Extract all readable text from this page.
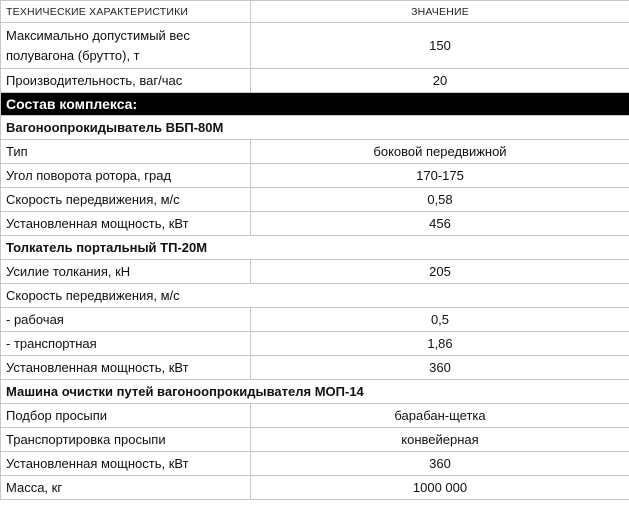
ТЕХНИЧЕСКИЕ ХАРАКТЕРИСТИКИ	ЗНАЧЕНИЕ
Максимально допустимый вес полувагона (брутто), т	150
Производительность, ваг/час	20
Состав комплекса:	
Вагоноопрокидыватель ВБП-80М	
Тип	боковой передвижной
Угол поворота ротора, град	170-175
Скорость передвижения, м/с	0,58
Установленная мощность, кВт	456
Толкатель портальный ТП-20М	
Усилие толкания, кН	205
Скорость передвижения, м/с	
- рабочая	0,5
- транспортная	1,86
Установленная мощность, кВт	360
Машина очистки путей вагоноопрокидывателя МОП-14	
Подбор просыпи	барабан-щетка
Транспортировка просыпи	конвейерная
Установленная мощность, кВт	360
Масса, кг	1000 000
